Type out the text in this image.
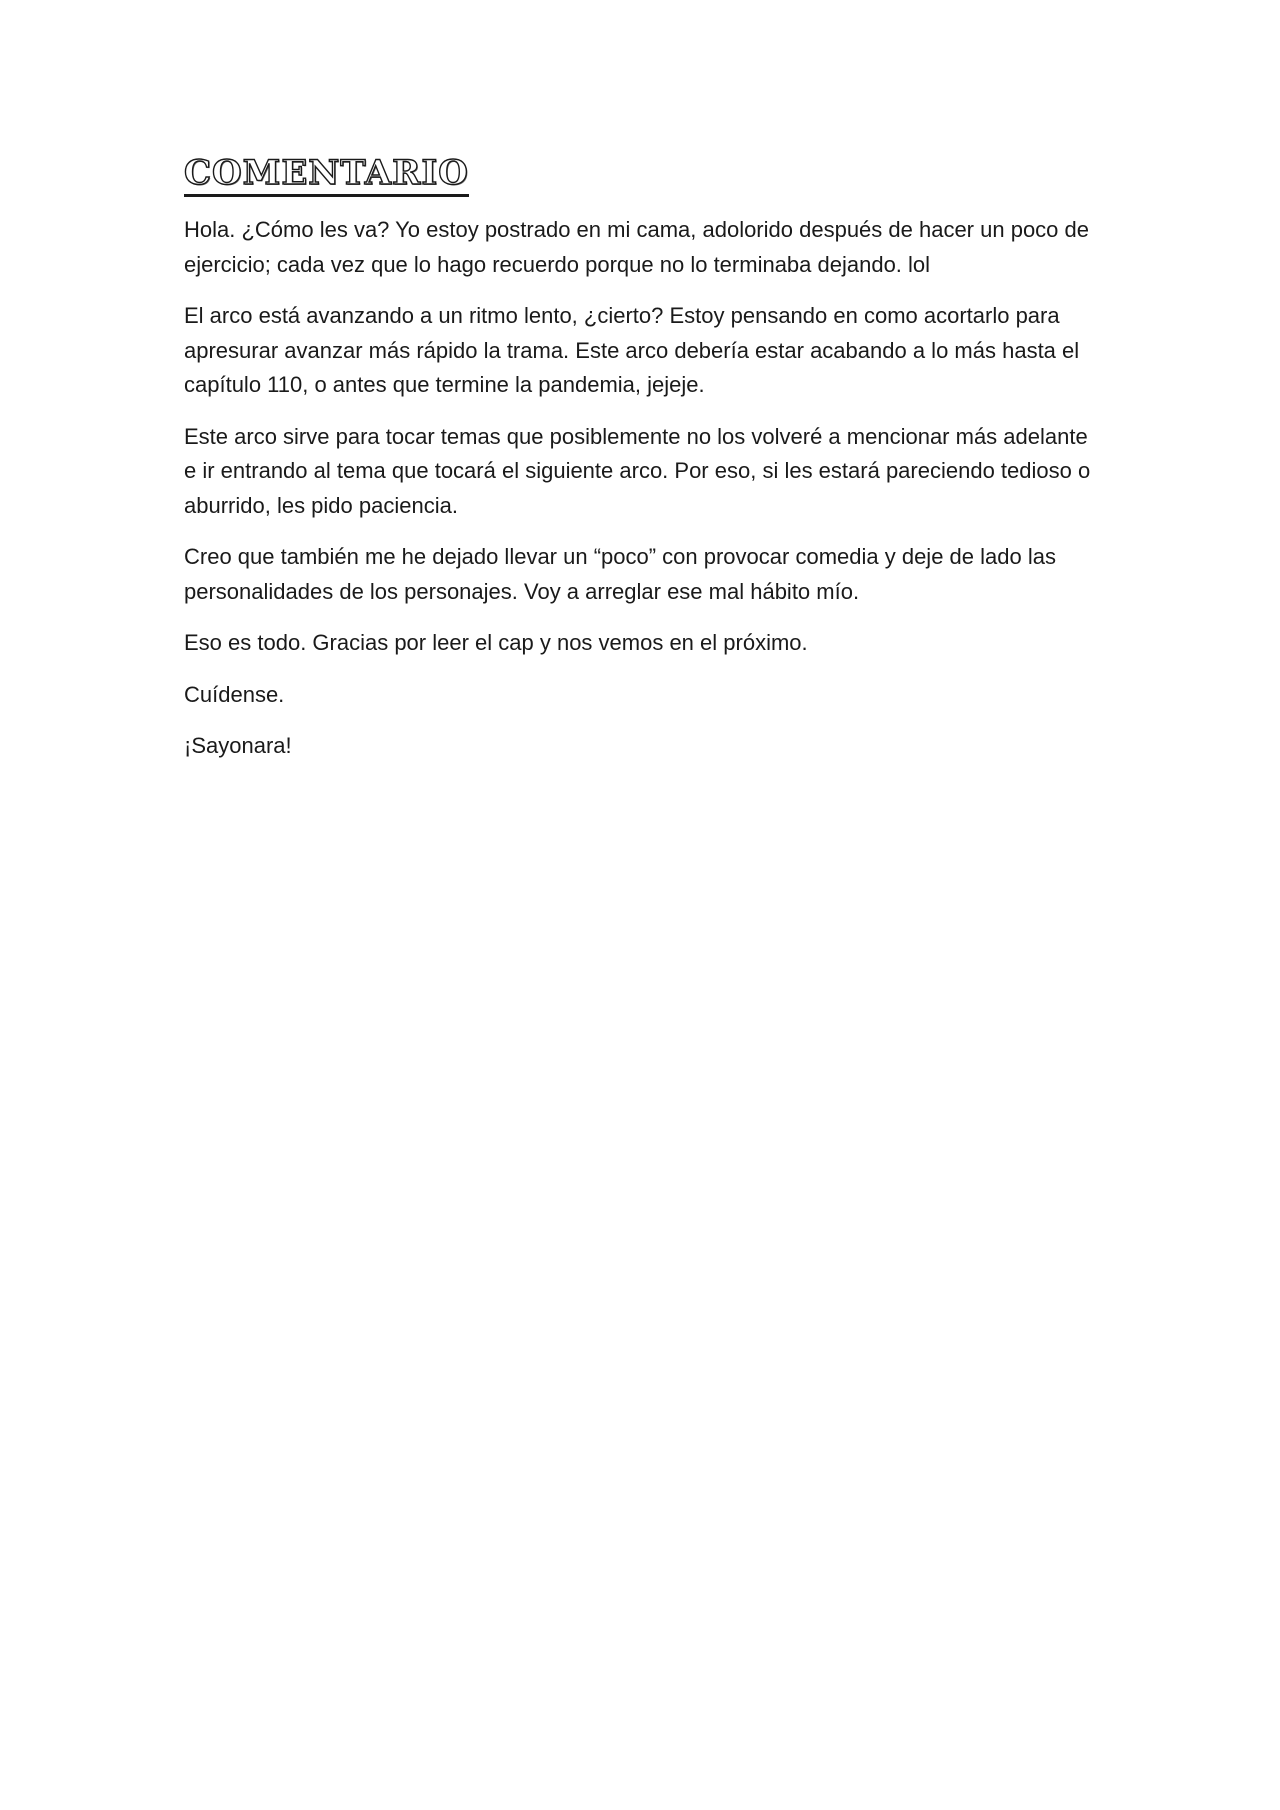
COMENTARIO

Hola. ¿Cómo les va? Yo estoy postrado en mi cama, adolorido después de hacer un poco de ejercicio; cada vez que lo hago recuerdo porque no lo terminaba dejando. lol

El arco está avanzando a un ritmo lento, ¿cierto? Estoy pensando en como acortarlo para apresurar avanzar más rápido la trama. Este arco debería estar acabando a lo más hasta el capítulo 110, o antes que termine la pandemia, jejeje.

Este arco sirve para tocar temas que posiblemente no los volveré a mencionar más adelante e ir entrando al tema que tocará el siguiente arco. Por eso, si les estará pareciendo tedioso o aburrido, les pido paciencia.

Creo que también me he dejado llevar un “poco” con provocar comedia y deje de lado las personalidades de los personajes. Voy a arreglar ese mal hábito mío.

Eso es todo. Gracias por leer el cap y nos vemos en el próximo.

Cuídense.

¡Sayonara!
